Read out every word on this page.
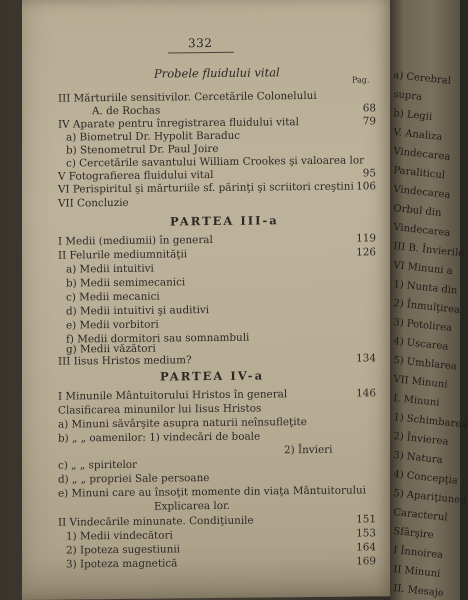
332
Probele fluidului vital	Pag.
III Mărturiile sensitivilor. Cercetările Colonelului
A. de Rochas	68
IV Aparate pentru înregistrarea fluidului vital	79
a) Biometrul Dr. Hypolit Baraduc
b) Stenometrul Dr. Paul Joire
c) Cercetările savantului William Crookes şi valoarea lor
V Fotografierea fluidului vital	95
VI Perispiritul şi mărturiile sf. părinţi şi scriitori creştini 106
VII Concluzie
PARTEA III-a
I Medii (mediumii) în general	119
II Felurile mediumnităţii	126
a) Medii intuitivi
b) Medii semimecanici
c) Medii mecanici
d) Medii intuitivi şi auditivi
e) Medii vorbitori
f) Medii dormitori sau somnambuli
g) Medii văzători
III Iisus Hristos medium?	134
PARTEA IV-a
I Minunile Mântuitorului Hristos în general	146
Clasificarea minunilor lui Iisus Hristos
a) Minuni săvârşite asupra naturii neînsufleţite
b) „ „ oamenilor: 1) vindecări de boale
2) Învieri
c) „ „ spiritelor
d) „ „ propriei Sale persoane
e) Minuni care au însoţit momente din viaţa Mântuitorului
Explicarea lor.
II Vindecările minunate. Condiţiunile	151
1) Medii vindecători	153
2) Ipoteza sugestiunii	164
3) Ipoteza magnetică	169
a) Cerebral
supra
b) Legii
V. Analiza
Vindecarea
Paraliticul
Vindecarea
Orbul din
Vindecarea
III B. Învierile
VI Minuni a
1) Nunta din
2) Înmulţirea
3) Potolirea
4) Uscarea
5) Umblarea
VII Minuni
I. Minuni
1) Schimbarea
2) Învierea
3) Natura
4) Concepţia
5) Apariţiunea
Caracterul
Sfârşire
I Înnoirea
II Minuni
II. Mesaje
